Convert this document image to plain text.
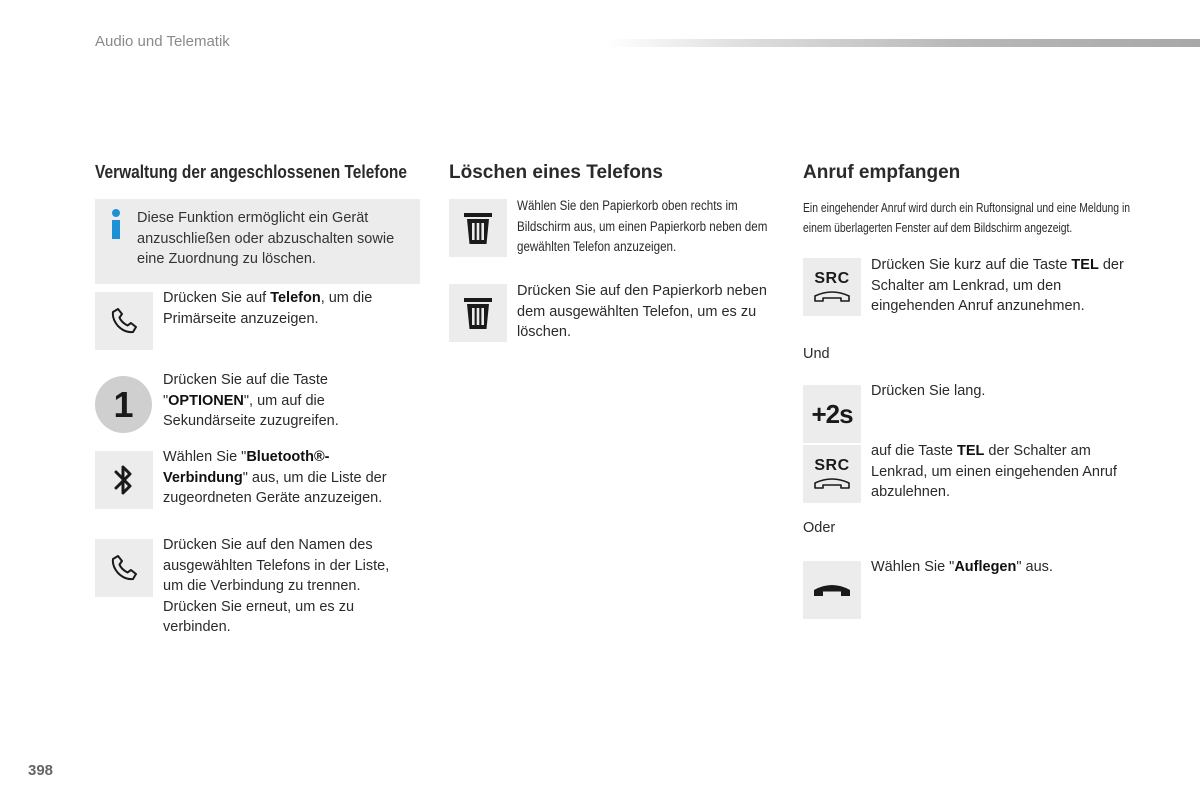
Audio und Telematik
Verwaltung der angeschlossenen Telefone
Diese Funktion ermöglicht ein Gerät anzuschließen oder abzuschalten sowie eine Zuordnung zu löschen.
Drücken Sie auf Telefon, um die Primärseite anzuzeigen.
1
Drücken Sie auf die Taste "OPTIONEN", um auf die Sekundärseite zuzugreifen.
Wählen Sie "Bluetooth®-Verbindung" aus, um die Liste der zugeordneten Geräte anzuzeigen.
Drücken Sie auf den Namen des ausgewählten Telefons in der Liste, um die Verbindung zu trennen. Drücken Sie erneut, um es zu verbinden.
Löschen eines Telefons
Wählen Sie den Papierkorb oben rechts im Bildschirm aus, um einen Papierkorb neben dem gewählten Telefon anzuzeigen.
Drücken Sie auf den Papierkorb neben dem ausgewählten Telefon, um es zu löschen.
Anruf empfangen
Ein eingehender Anruf wird durch ein Ruftonsignal und eine Meldung in einem überlagerten Fenster auf dem Bildschirm angezeigt.
SRC
Drücken Sie kurz auf die Taste TEL der Schalter am Lenkrad, um den eingehenden Anruf anzunehmen.
Und
+2s
Drücken Sie lang.
SRC
auf die Taste TEL der Schalter am Lenkrad, um einen eingehenden Anruf abzulehnen.
Oder
Wählen Sie "Auflegen" aus.
398
